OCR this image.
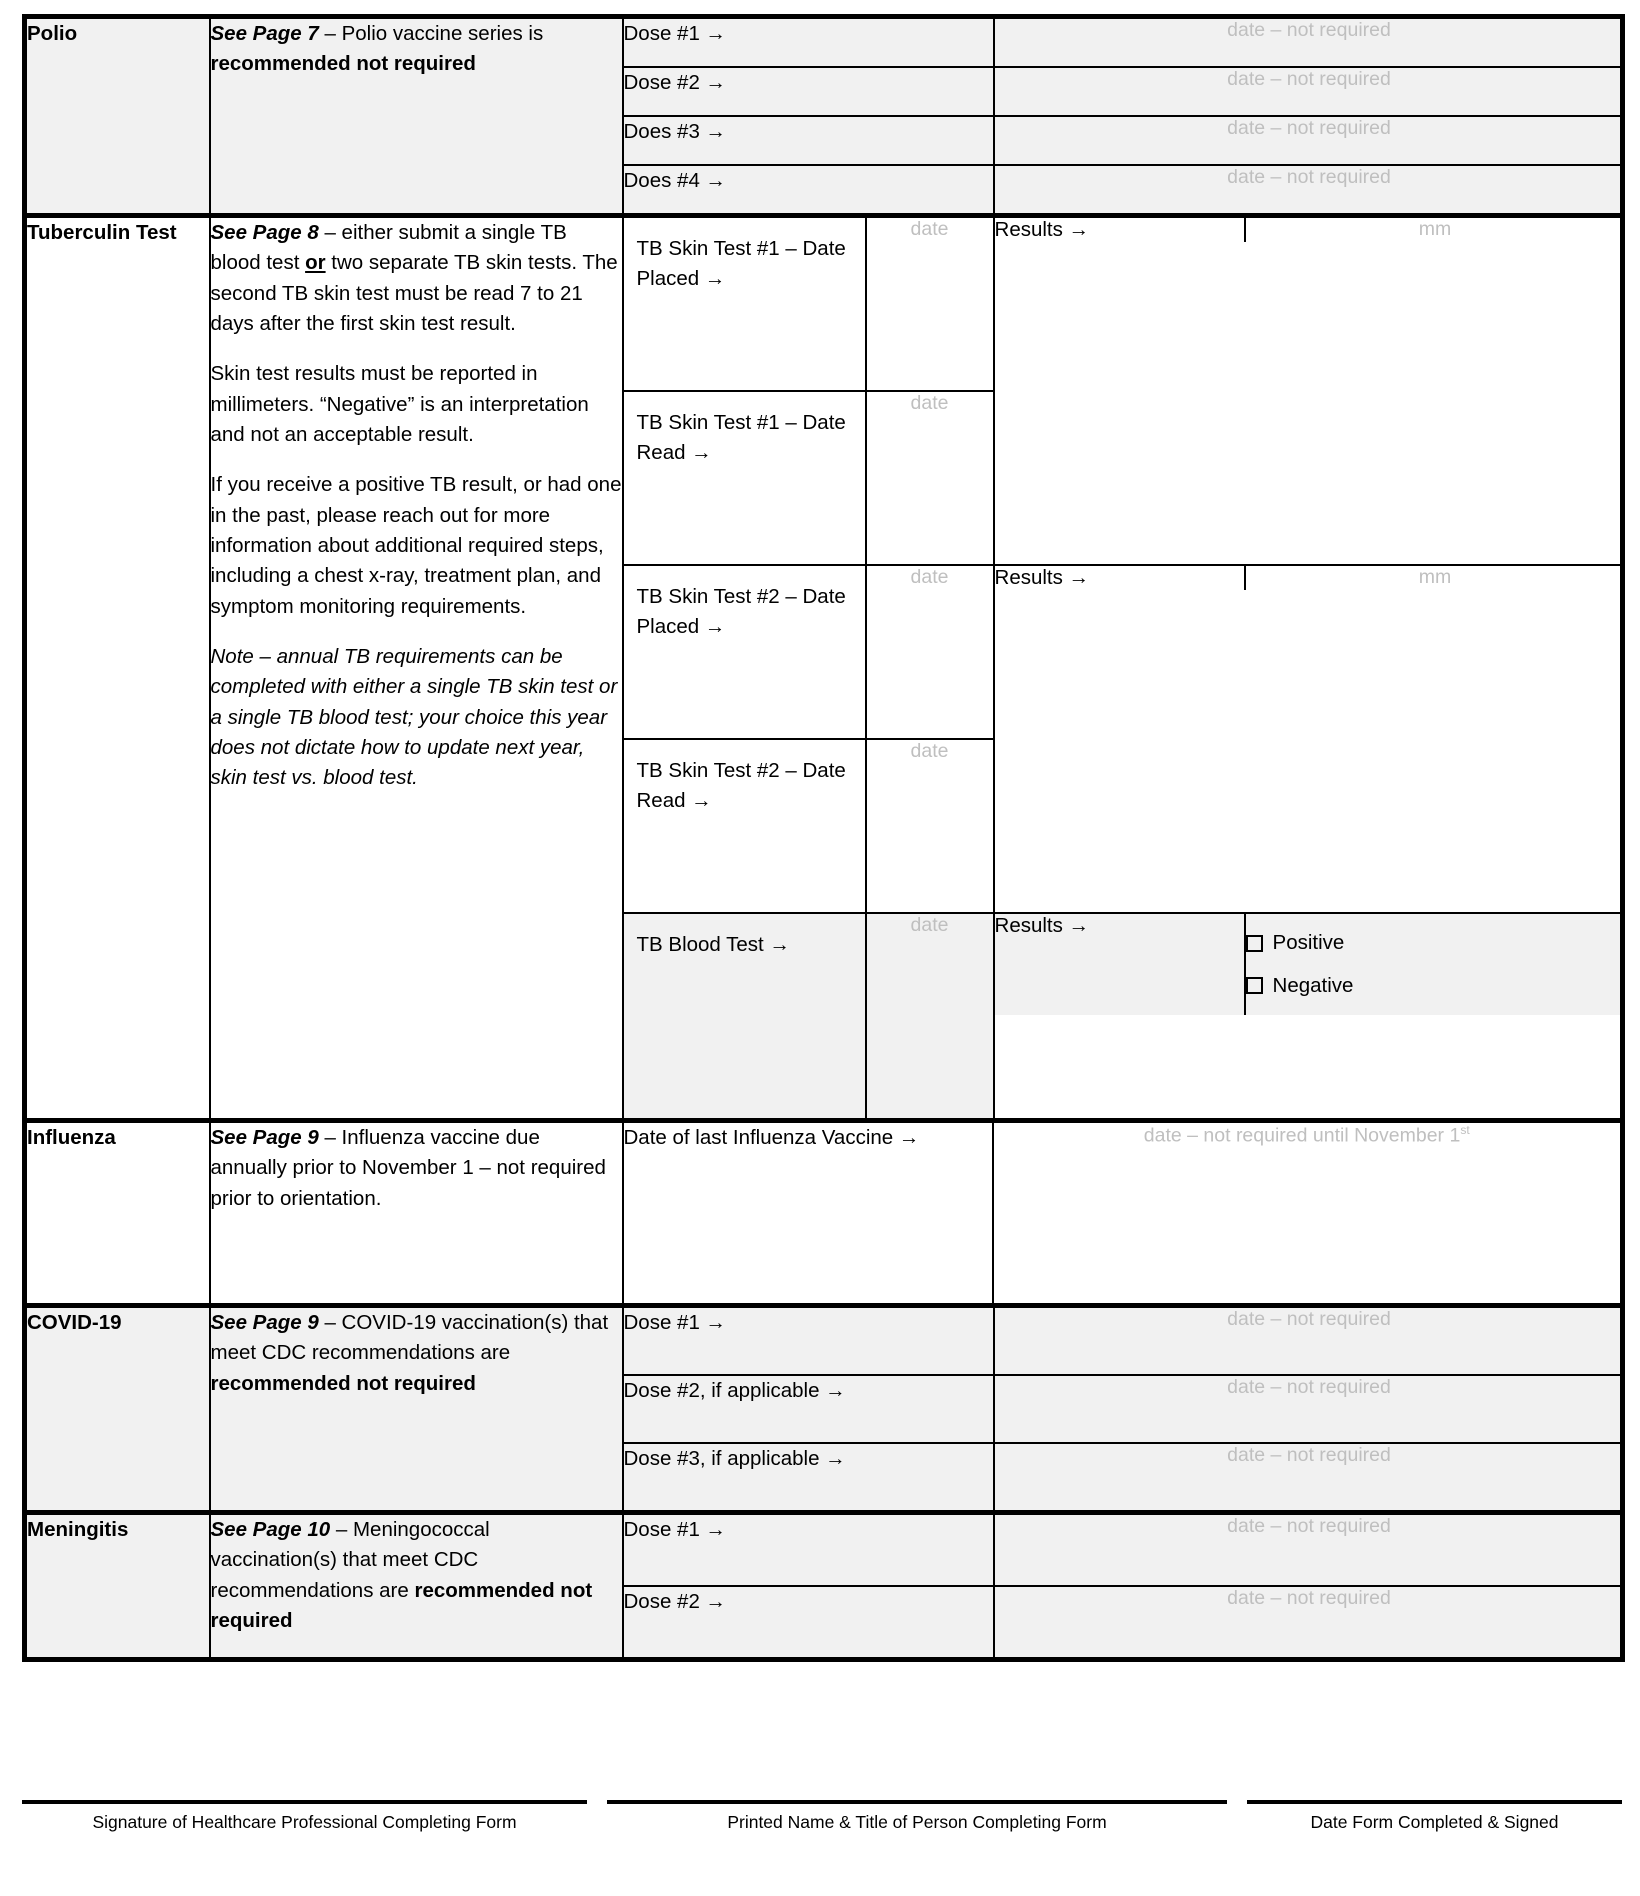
Polio	See Page 7 – Polio vaccine series is recommended not required

Dose #1 →	date – not required
Dose #2 →	date – not required
Does #3 →	date – not required
Does #4 →	date – not required

Tuberculin Test	See Page 8 – either submit a single TB blood test or two separate TB skin tests. The second TB skin test must be read 7 to 21 days after the first skin test result.

Skin test results must be reported in millimeters. “Negative” is an interpretation and not an acceptable result.

If you receive a positive TB result, or had one in the past, please reach out for more information about additional required steps, including a chest x-ray, treatment plan, and symptom monitoring requirements.

Note – annual TB requirements can be completed with either a single TB skin test or a single TB blood test; your choice this year does not dictate how to update next year, skin test vs. blood test.

TB Skin Test #1 – Date Placed →	date	Results →	mm

TB Skin Test #1 – Date Read →	date
TB Skin Test #2 – Date Placed →	date	Results →	mm

TB Skin Test #2 – Date Read →	date
TB Blood Test →	date	Results →	
Positive
Negative

Influenza	See Page 9 – Influenza vaccine due annually prior to November 1 – not required prior to orientation.

	Date of last Influenza Vaccine →	date – not required until November 1st
COVID-19	See Page 9 – COVID-19 vaccination(s) that meet CDC recommendations are recommended not required

Dose #1 →	date – not required
Dose #2, if applicable →	date – not required
Dose #3, if applicable →	date – not required

Meningitis	See Page 10 – Meningococcal vaccination(s) that meet CDC recommendations are recommended not required

Dose #1 →	date – not required
Dose #2 →	date – not required
Signature of Healthcare Professional Completing Form	Printed Name & Title of Person Completing Form	Date Form Completed & Signed
